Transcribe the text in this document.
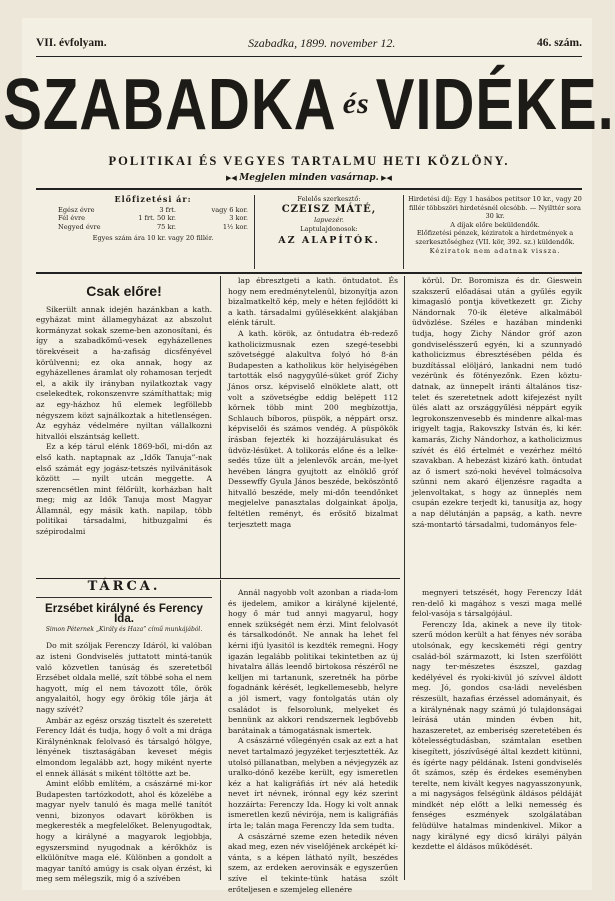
VII. évfolyam.	Szabadka, 1899. november 12.	46. szám.
SZABADKA és VIDÉKE.
POLITIKAI ÉS VEGYES TARTALMU HETI KÖZLÖNY.
▶◀ Megjelen minden vasárnap. ▶◀
Előfizetési ár:
Egész évre	3 frt.	vagy 6 kor.
Fél évre	1 frt. 50 kr.	3 kor.
Negyed évre	75 kr.	1½ kor.
Egyes szám ára 10 kr. vagy 20 fillér.
Felelős szerkesztő:
CZEISZ MÁTÉ,
lapvezér.
Laptulajdonosok:
AZ ALAPÍTÓK.
Hirdetési díj: Egy 1 hasábos petitsor 10 kr., vagy 20 fillér többszöri hirdetésnél olcsóbb. — Nyilttér sora 30 kr.
A díjak előre beküldendők.
Előfizetési pénzek, kéziratok a hirdetmények a szerkesztőséghez (VII. kör, 392. sz.) küldendők.
Kéziratok nem adatnak vissza.
Csak előre!

Sikerült annak idején hazánkban a kath. egyházat mint államegyházat az abszolut kormányzat sokak szeme-ben azonosítani, és így a szabadkőmű-vesek egyházellenes törekvéseit a ha-zafiság dicsfényével körülvenni; ez oka annak, hogy az egyházellenes áramlat oly rohamosan terjedt el, a akik ily irányban nyilatkoztak vagy cselekedtek, rokonszenvre számíthattak; mig az egy-házhoz hű elemek legföllebb négyszem közt sajnálkoztak a hitetlenségen. Az egyház védelmére nyiltan vállalkozni hitvallói elszántság kellett.

Ez a kép tárul elénk 1869-ből, mi-dőn az első kath. naptapnak az „Idők Tanuja”-nak első számát egy jogász-tetszés nyilvánitások között — nyilt utcán meggette. A szerencsétlen mint félőrült, korházban halt meg; mig az Idők Tanuja most Magyar Államnál, egy másik kath. napilap, több politikai társadalmi, hitbuzgalmi és szépirodalmi

lap ébresztgeti a kath. öntudatot. És hogy nem eredménytelenül, bizonyítja azon bizalmatkeltő kép, mely e héten fejlődött ki a kath. társadalmi gyűlésekként alakjában elénk tárult.

A kath. körök, az öntudatra éb-redező katholicizmusnak ezen szegé-tesebbi szövetséggé alakultva folyó hó 8-án Budapesten a katholikus kör helyiségében tartották első nagygyűlé-süket gróf Zichy János orsz. képviselő elnöklete alatt, ott volt a szövetségbe eddig belépett 112 körnek több mint 200 megbízottja, Schlauch bíboros, püspök, a néppárt orsz. képviselői és számos vendég. A püspökök írásban fejezték ki hozzájárulásukat és üdvöz-lésüket. A tolikorás előne és a lelke-sedés tűze ült a jelenlevők arcán, me-lyet hevében lángra gyujtott az elnöklő gróf Dessewffy Gyula János beszéde, beköszöntő hitvalló beszéde, mely mi-dőn teendőnket megjelelve panasztalas dolgainkat ápolja, feltétlen reményt, és erősítő bizalmat terjesztett maga

körül. Dr. Boromisza és dr. Gieswein szakszerű előadásai után a gyűlés egyik kimagasló pontja következett gr. Zichy Nándornak 70-ik életéve alkalmából üdvözlése. Széles e hazában mindenki tudja, hogy Zichy Nándor gróf azon gondviselésszerű egyén, ki a szunnyadó katholicizmus ébresztésében példa és buzdítással elöljáró, lankadni nem tudó vezérünk és fötényezőnk. Ezen köztu-datnak, az ünnepelt iránti általános tisz-telet és szeretetnek adott kifejezést nyílt ülés alatt az országgyűlési néppárt egyik legrokonszenvesebb és mindenre alkal-mas irigyelt tagja, Rakovszky István és, ki kér. kamarás, Zichy Nándorhoz, a katholicizmus szívét és élő értelmét e vezérhez méltó szavakban. A hebezást kizáró kath. öntudat az ő ismert szó-noki hevével tolmácsolva szünni nem akaró éljenzésre ragadta a jelenvoltakat, s hogy az ünneplés nem csupán ezekre terjedt ki, tanusítja az, hogy a nap délutánján a papság, a kath. nevre szá-montartó társadalmi, tudományos fele-

TÁRCA.
Erzsébet királyné és Ferency Ida.
Simon Péternek „Király és Haza” című munkájából.

Do mit szóljak Ferenczy Idáról, ki valóban az isteni Gondviselés juttatott mintá-tanúk való közvetlen tanúság és szeretetből Erzsébet oldala mellé, szít többé soha el nem hagyott, míg el nem távozott tőle, örök angyalaitól, hogy egy örökig tőle járja át nagy szívét?

Ambár az egész ország tisztelt és szeretett Ferency Idát és tudja, hogy ő volt a mi drága Királynénknak felolvasó és társalgó hölgye, lényének tisztaságában keveset mégis elmondom legalább azt, hogy miként nyerte el ennek állását s miként töltötte azt be.

Amint előbb említém, a császárné mi-kor Budapesten tartózkodott, ahol és közelébe a magyar nyelv tanuló és maga mellé tanítót venni, bizonyos odavart körökben is megkeresték a megfelelőket. Belenyugodtak, hogy a királyné a magyarok legjobbja, egyszersmind nyugodnak a kérőkhöz is elkülönítve maga elé. Különben a gondolt a magyar tanító amúgy is csak olyan érzést, ki meg sem mélegszik, mig ő a szívében

Annál nagyobb volt azonban a riada-lom és ijedelem, amikor a királyné kijelenté, hogy ő már tud annyi magyarul, hogy ennek szükségét nem érzi. Mint felolvasót és társalkodónőt. Ne annak ha lehet fel kérni ifjú lyasitól is kezdték remegni. Hogy igazán legalább politikai tekintetben az új hivatalra állás leendő birtokosa részéről ne kelljen mi tartanunk, szeretnék ha pörbe fogadnánk kérését, legkellemesebb, helyre a jól ismert, vagy fontolgatás után oly családot is felsorolunk, melyeket és bennünk az akkori rendszernek legbővebb barátainak a támogatásnak ismertek.

A császárné vőlegényén csak az ezt a hat nevet tartalmazó jegyzéket terjesztették. Az utolsó pillanatban, melyben a névjegyzék az uralko-dónő kezébe került, egy ismeretlen kéz a hat kaligráfiás írt név alá hetedik nevet írt névnek, irónnal egy kéz szerint hozzáírta: Ferenczy Ida. Hogy ki volt annak ismeretlen kezű névirója, nem is kaligráfiás írta le; talán maga Ferenczy Ida sem tudta.

A császárné szeme ezen hetedik néven akad meg, ezen név viselőjének arcképét kí-vánta, s a képen látható nyílt, beszédes szem, az erdeken aerovinsák e egyszerűen szíve el tekinte-tünk hatása szólt erőteljesen e szemjeleg ellenére

megnyeri tetszését, hogy Ferenczy Idát ren-delő ki magához s veszi maga mellé felol-vasója s társalgójául.

Ferenczy Ida, akinek a neve ily titok-szerű módon került a hat fényes név sorába utolsónak, egy kecskeméti régi gentry család-ból származott, ki Isten szerfölött nagy ter-mészetes észszel, gazdag kedélyével és ryoki-kivül jó szívvel áldott meg. Jó, gondos csa-ládi nevelésben részesült, hazafias érzéssel adományait, és a királynénak nagy számú jó tulajdonságai leírásá után minden évben hit, hazaszeretet, az emberiség szeretetében és kötelességtudásban, számtalan esetben kisegített, jószívűségé által kezdett kitünni, és ígérte nagy példának. Isteni gondviselés őt számos, szép és érdekes eseményben terelte, nem kivált kegyes nagyasszonyunk, a mi nagyságos felségünk áldásos példáját mindkét nép előtt a lelki nemesség és fenséges eszmények szolgálatában felüdülve hatalmas mindenkivel. Mikor a nagy királyné egy dicső királyi pályán kezdette el áldásos működését.
